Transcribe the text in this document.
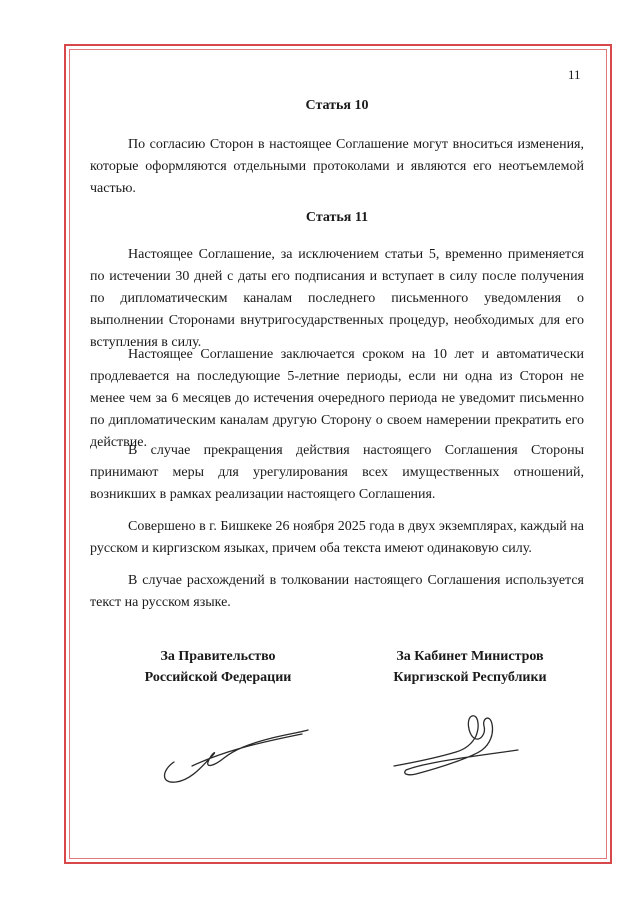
11
Статья 10

По согласию Сторон в настоящее Соглашение могут вноситься изменения, которые оформляются отдельными протоколами и являются его неотъемлемой частью.

Статья 11

Настоящее Соглашение, за исключением статьи 5, временно применяется по истечении 30 дней с даты его подписания и вступает в силу после получения по дипломатическим каналам последнего письменного уведомления о выполнении Сторонами внутригосударственных процедур, необходимых для его вступления в силу.

Настоящее Соглашение заключается сроком на 10 лет и автоматически продлевается на последующие 5-летние периоды, если ни одна из Сторон не менее чем за 6 месяцев до истечения очередного периода не уведомит письменно по дипломатическим каналам другую Сторону о своем намерении прекратить его действие.

В случае прекращения действия настоящего Соглашения Стороны принимают меры для урегулирования всех имущественных отношений, возникших в рамках реализации настоящего Соглашения.

Совершено в г. Бишкеке 26 ноября 2025 года в двух экземплярах, каждый на русском и киргизском языках, причем оба текста имеют одинаковую силу.

В случае расхождений в толковании настоящего Соглашения используется текст на русском языке.

За Правительство
Российской Федерации
За Кабинет Министров
Киргизской Республики
